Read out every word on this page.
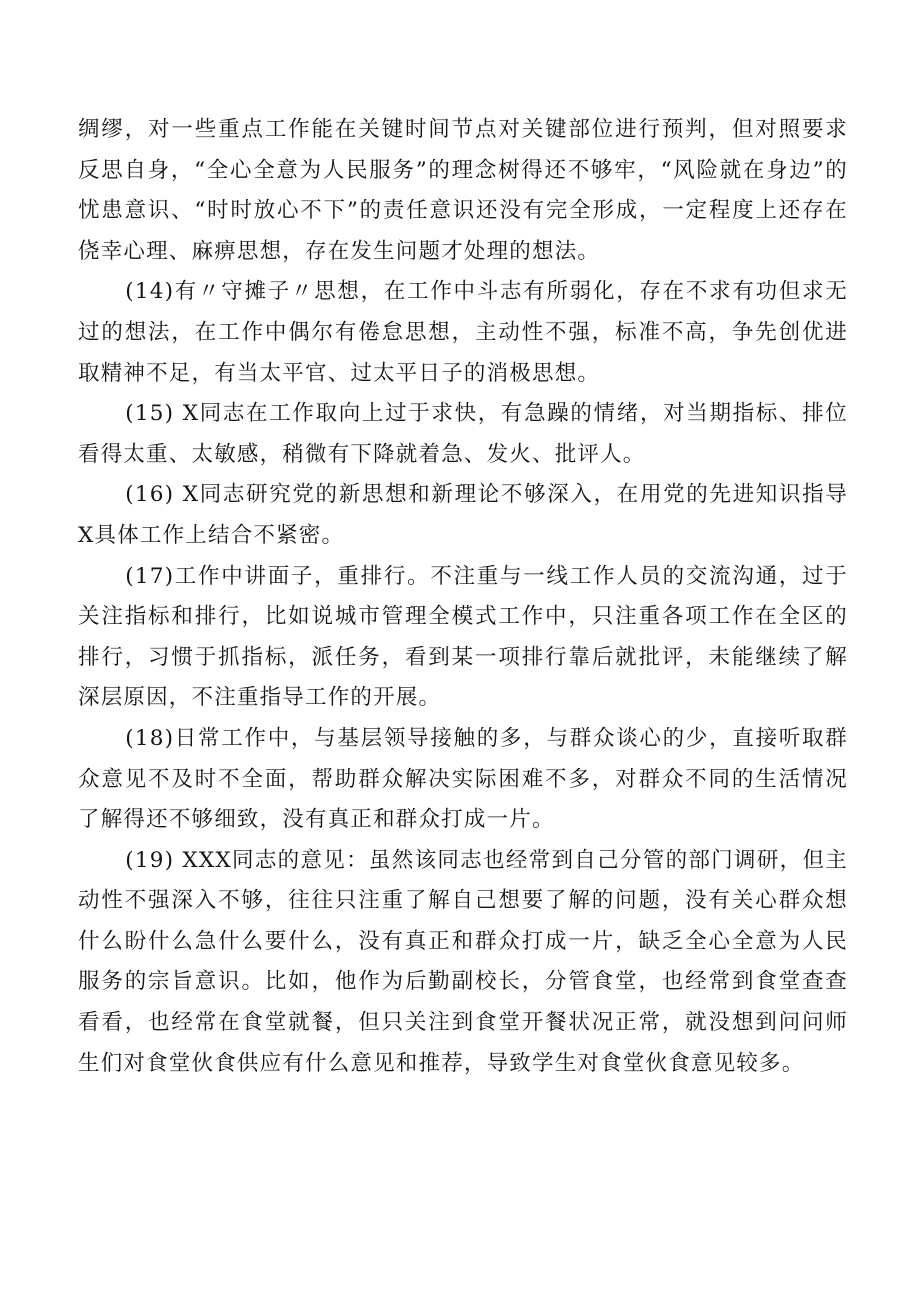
绸缪，对一些重点工作能在关键时间节点对关键部位进行预判，但对照要求反思自身，“全心全意为人民服务”的理念树得还不够牢，“风险就在身边”的忧患意识、“时时放心不下”的责任意识还没有完全形成，一定程度上还存在侥幸心理、麻痹思想，存在发生问题才处理的想法。

(14)有〃守摊子〃思想，在工作中斗志有所弱化，存在不求有功但求无过的想法，在工作中偶尔有倦怠思想，主动性不强，标准不高，争先创优进取精神不足，有当太平官、过太平日子的消极思想。

(15) X同志在工作取向上过于求快，有急躁的情绪，对当期指标、排位看得太重、太敏感，稍微有下降就着急、发火、批评人。

(16) X同志研究党的新思想和新理论不够深入，在用党的先进知识指导X具体工作上结合不紧密。

(17)工作中讲面子，重排行。不注重与一线工作人员的交流沟通，过于关注指标和排行，比如说城市管理全模式工作中，只注重各项工作在全区的排行，习惯于抓指标，派任务，看到某一项排行靠后就批评，未能继续了解深层原因，不注重指导工作的开展。

(18)日常工作中，与基层领导接触的多，与群众谈心的少，直接听取群众意见不及时不全面，帮助群众解决实际困难不多，对群众不同的生活情况了解得还不够细致，没有真正和群众打成一片。

(19) XXX同志的意见：虽然该同志也经常到自己分管的部门调研，但主动性不强深入不够，往往只注重了解自己想要了解的问题，没有关心群众想什么盼什么急什么要什么，没有真正和群众打成一片，缺乏全心全意为人民服务的宗旨意识。比如，他作为后勤副校长，分管食堂，也经常到食堂查查看看，也经常在食堂就餐，但只关注到食堂开餐状况正常，就没想到问问师生们对食堂伙食供应有什么意见和推荐，导致学生对食堂伙食意见较多。
